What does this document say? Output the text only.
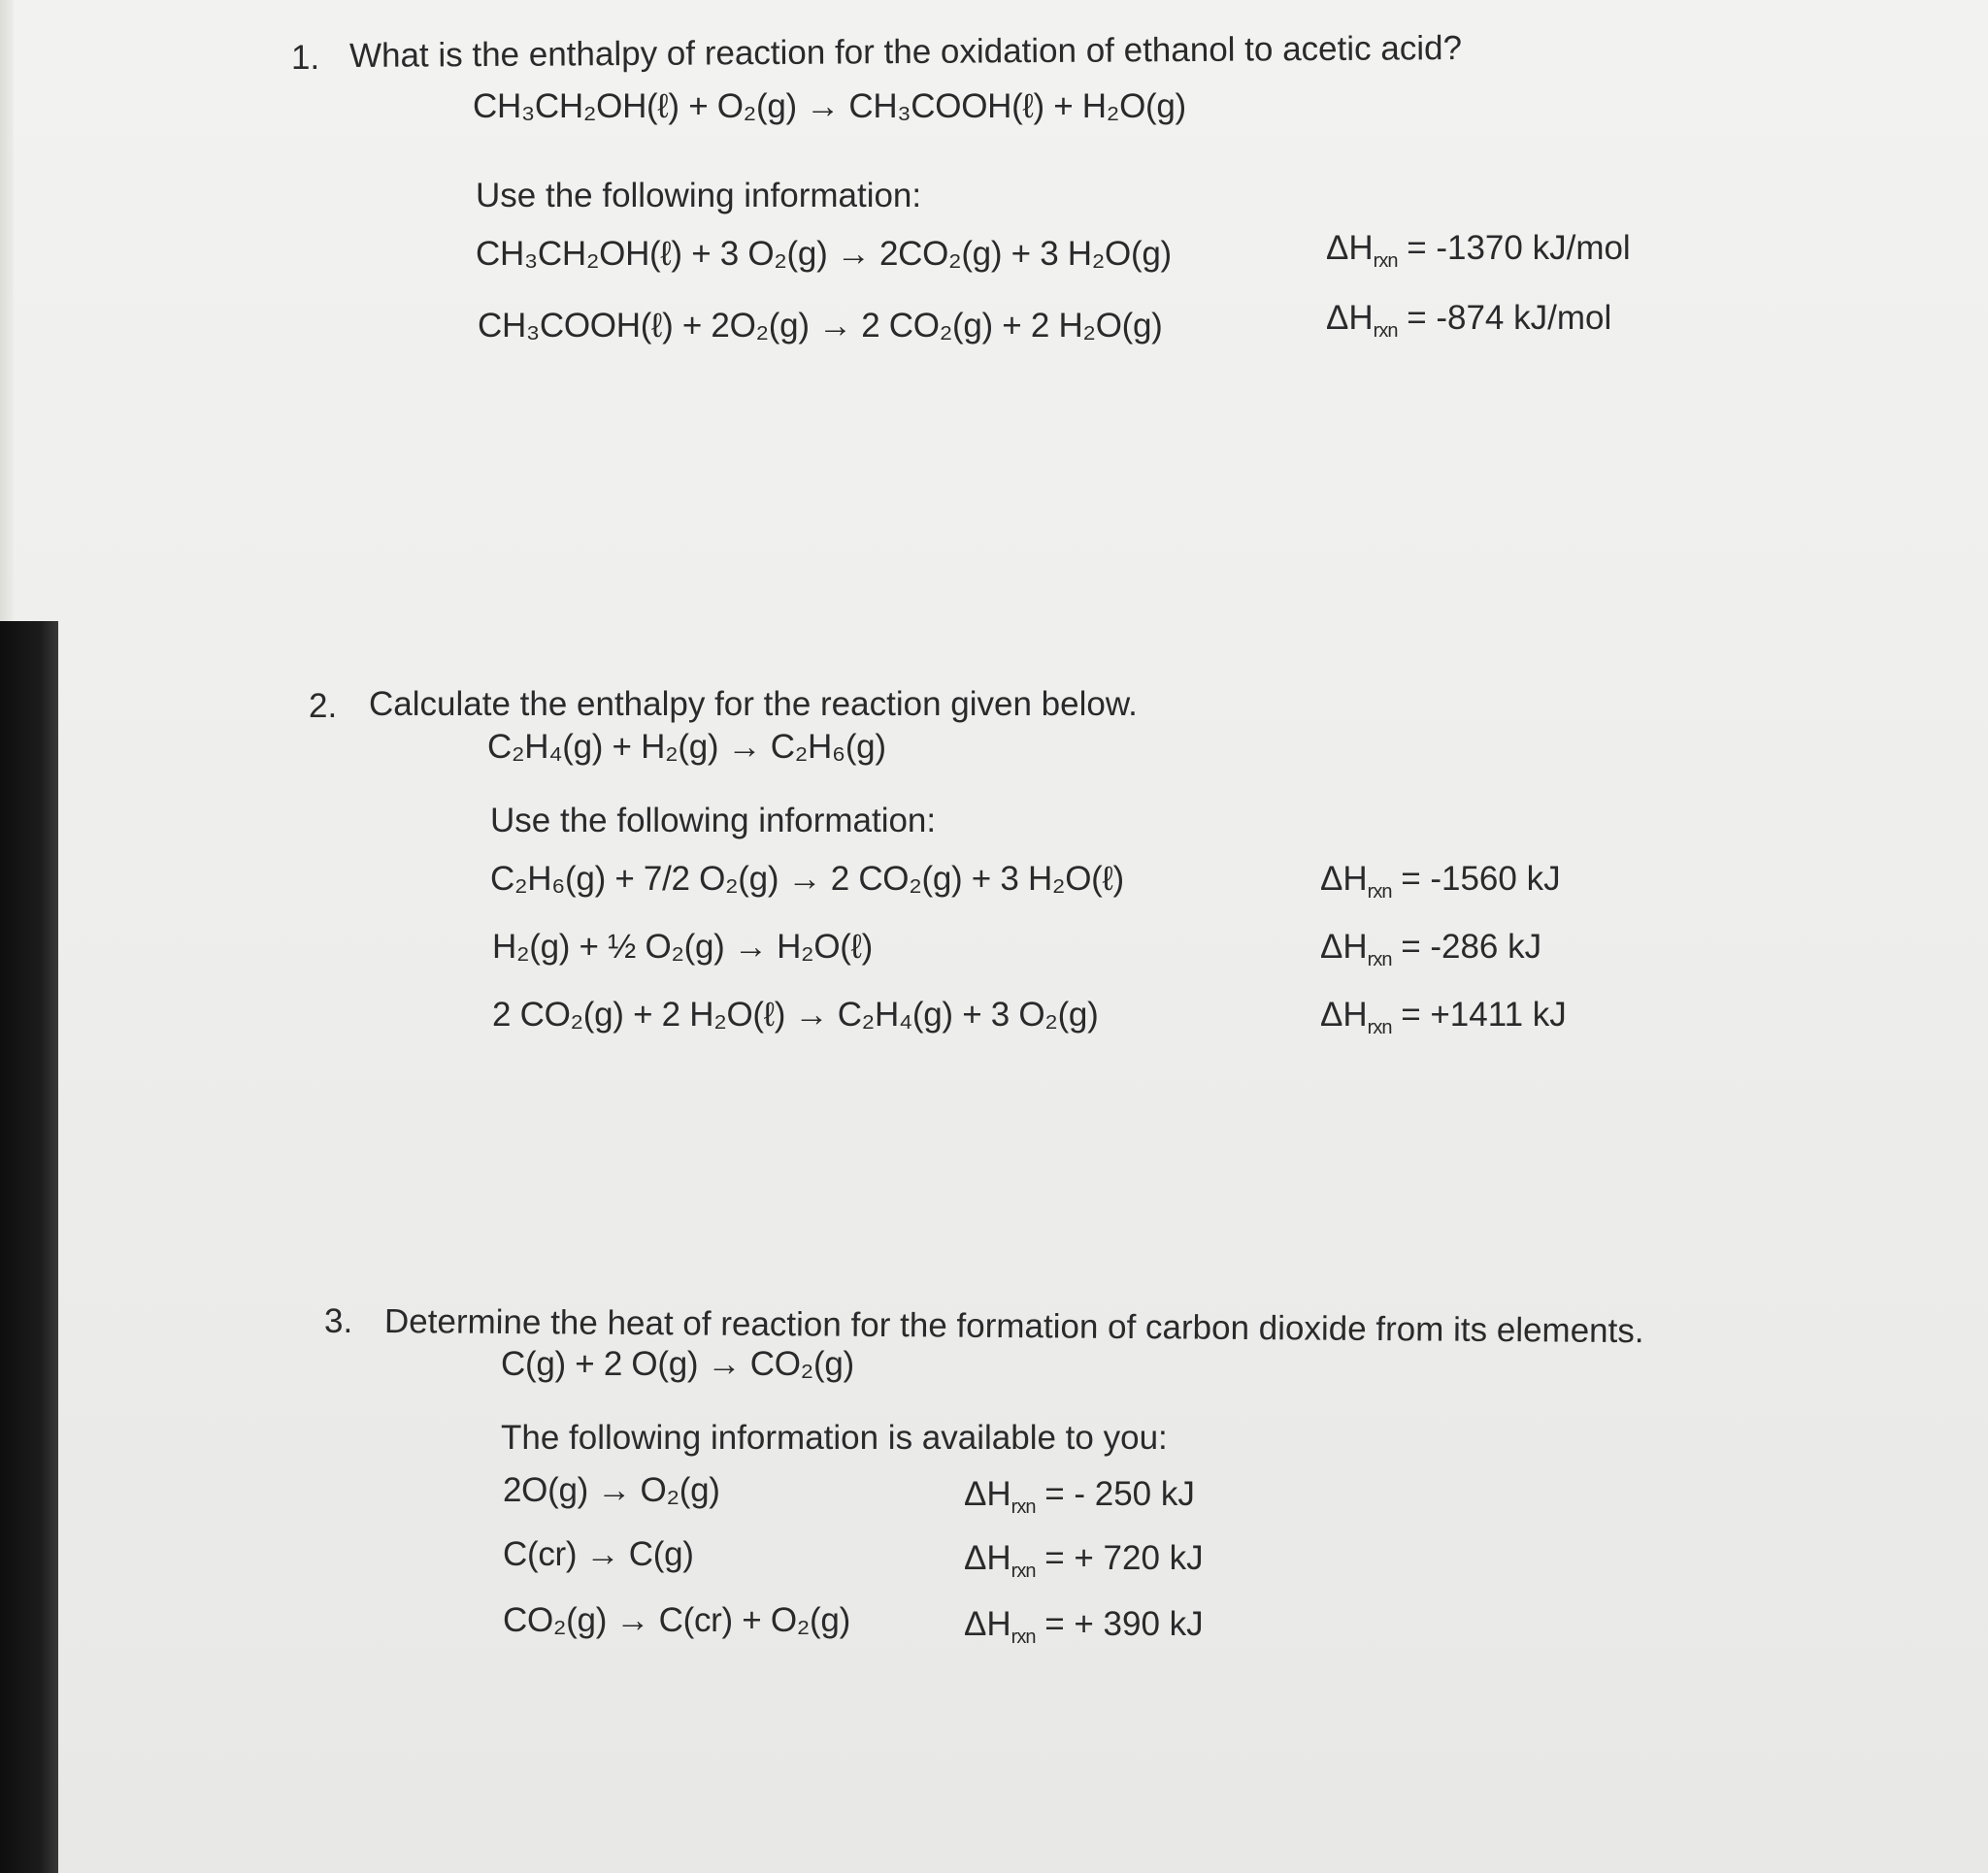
1. What is the enthalpy of reaction for the oxidation of ethanol to acetic acid?
CH₃CH₂OH(ℓ) + O₂(g) → CH₃COOH(ℓ) + H₂O(g)
Use the following information:
CH₃CH₂OH(ℓ) + 3 O₂(g) → 2CO₂(g) + 3 H₂O(g)	$\Delta H_{rxn} = -1370$ kJ/mol
CH₃COOH(ℓ) + 2O₂(g) → 2 CO₂(g) + 2 H₂O(g)	$\Delta H_{rxn} = -874$ kJ/mol
2. Calculate the enthalpy for the reaction given below.
C₂H₄(g) + H₂(g) → C₂H₆(g)
Use the following information:
C₂H₆(g) + 7/2 O₂(g) → 2 CO₂(g) + 3 H₂O(ℓ)	$\Delta H_{rxn} = -1560$ kJ
H₂(g) + ½ O₂(g) → H₂O(ℓ)	$\Delta H_{rxn} = -286$ kJ
2 CO₂(g) + 2 H₂O(ℓ) → C₂H₄(g) + 3 O₂(g)	$\Delta H_{rxn} = +1411$ kJ
3. Determine the heat of reaction for the formation of carbon dioxide from its elements.
C(g) + 2 O(g) → CO₂(g)
The following information is available to you:
2O(g) → O₂(g)	$\Delta H_{rxn}$ = - 250 kJ
C(cr) → C(g)	$\Delta H_{rxn}$ = + 720 kJ
CO₂(g) → C(cr) + O₂(g)	$\Delta H_{rxn}$ = + 390 kJ
